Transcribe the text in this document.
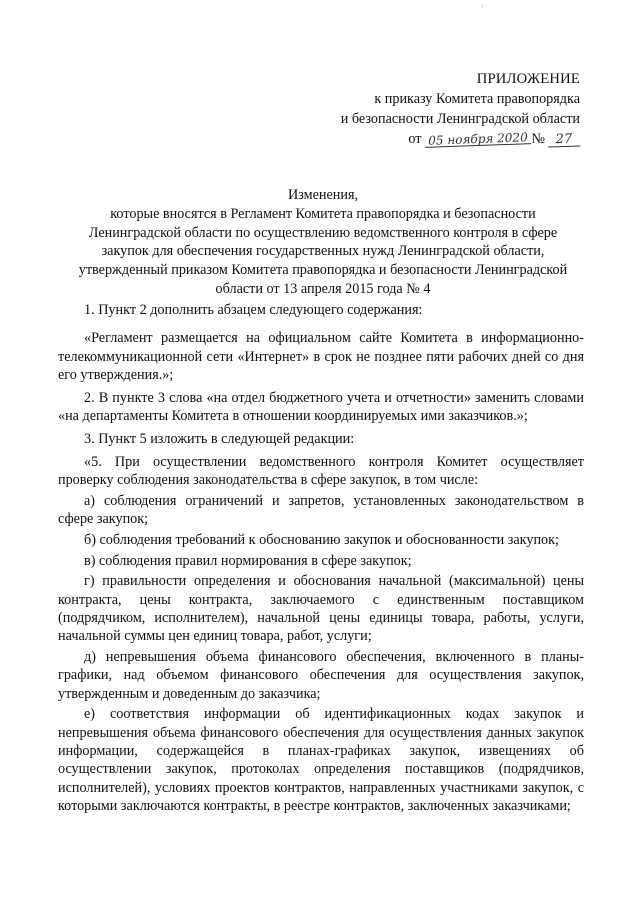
'
ПРИЛОЖЕНИЕ
к приказу Комитета правопорядка
и безопасности Ленинградской области
от 05 ноября 2020 № 27
Изменения,
которые вносятся в Регламент Комитета правопорядка и безопасности
Ленинградской области по осуществлению ведомственного контроля в сфере
закупок для обеспечения государственных нужд Ленинградской области,
утвержденный приказом Комитета правопорядка и безопасности Ленинградской
области от 13 апреля 2015 года № 4

1. Пункт 2 дополнить абзацем следующего содержания:

«Регламент размещается на официальном сайте Комитета в информационно-телекоммуникационной сети «Интернет» в срок не позднее пяти рабочих дней со дня его утверждения.»;

2. В пункте 3 слова «на отдел бюджетного учета и отчетности» заменить словами «на департаменты Комитета в отношении координируемых ими заказчиков.»;

3. Пункт 5 изложить в следующей редакции:

«5. При осуществлении ведомственного контроля Комитет осуществляет проверку соблюдения законодательства в сфере закупок, в том числе:

а) соблюдения ограничений и запретов, установленных законодательством в сфере закупок;

б) соблюдения требований к обоснованию закупок и обоснованности закупок;

в) соблюдения правил нормирования в сфере закупок;

г) правильности определения и обоснования начальной (максимальной) цены контракта, цены контракта, заключаемого с единственным поставщиком (подрядчиком, исполнителем), начальной цены единицы товара, работы, услуги, начальной суммы цен единиц товара, работ, услуги;

д) непревышения объема финансового обеспечения, включенного в планы-графики, над объемом финансового обеспечения для осуществления закупок, утвержденным и доведенным до заказчика;

е) соответствия информации об идентификационных кодах закупок и непревышения объема финансового обеспечения для осуществления данных закупок информации, содержащейся в планах-графиках закупок, извещениях об осуществлении закупок, протоколах определения поставщиков (подрядчиков, исполнителей), условиях проектов контрактов, направленных участниками закупок, с которыми заключаются контракты, в реестре контрактов, заключенных заказчиками;
